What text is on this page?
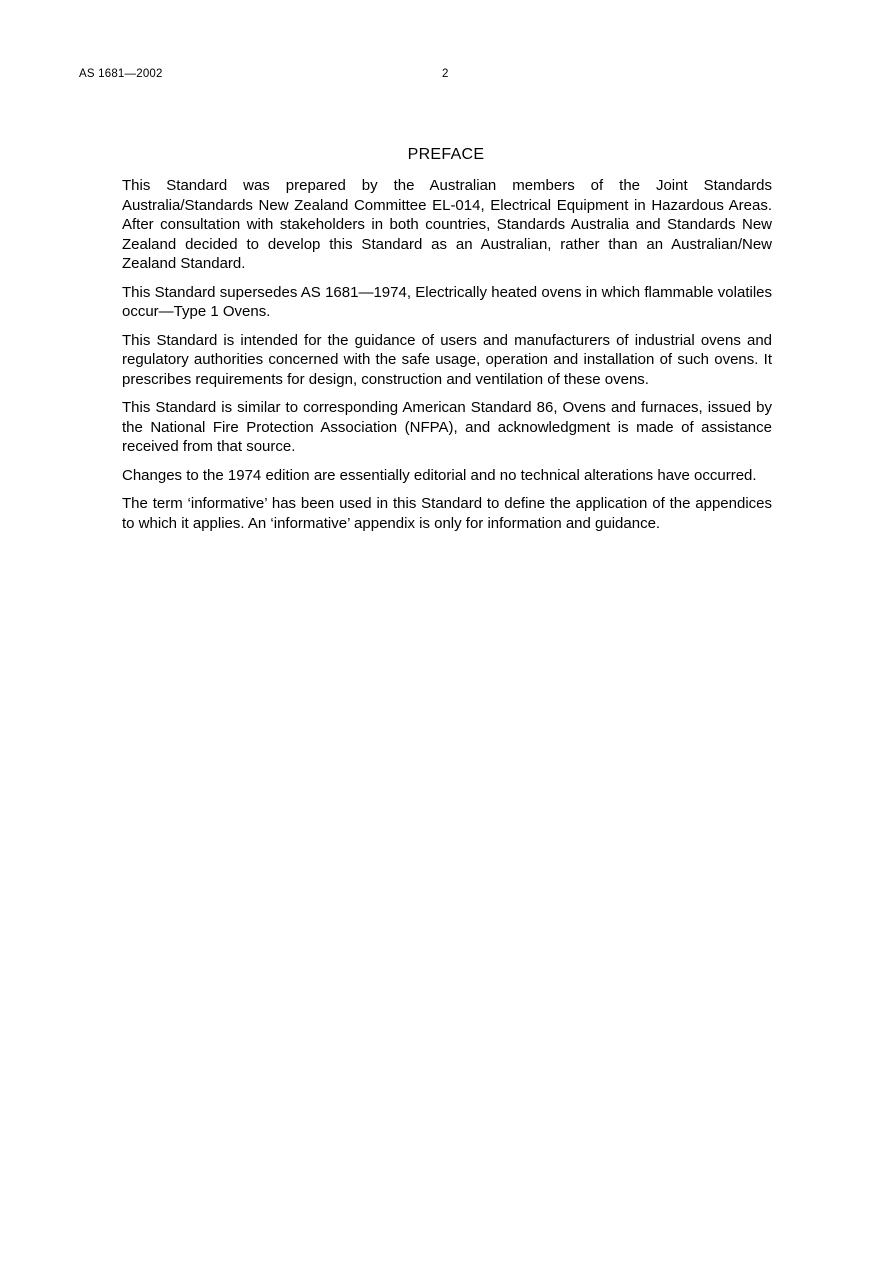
AS 1681—2002	2
PREFACE

This Standard was prepared by the Australian members of the Joint Standards Australia/Standards New Zealand Committee EL-014, Electrical Equipment in Hazardous Areas. After consultation with stakeholders in both countries, Standards Australia and Standards New Zealand decided to develop this Standard as an Australian, rather than an Australian/New Zealand Standard.

This Standard supersedes AS 1681—1974, Electrically heated ovens in which flammable volatiles occur—Type 1 Ovens.

This Standard is intended for the guidance of users and manufacturers of industrial ovens and regulatory authorities concerned with the safe usage, operation and installation of such ovens. It prescribes requirements for design, construction and ventilation of these ovens.

This Standard is similar to corresponding American Standard 86, Ovens and furnaces, issued by the National Fire Protection Association (NFPA), and acknowledgment is made of assistance received from that source.

Changes to the 1974 edition are essentially editorial and no technical alterations have occurred.

The term ‘informative’ has been used in this Standard to define the application of the appendices to which it applies. An ‘informative’ appendix is only for information and guidance.
